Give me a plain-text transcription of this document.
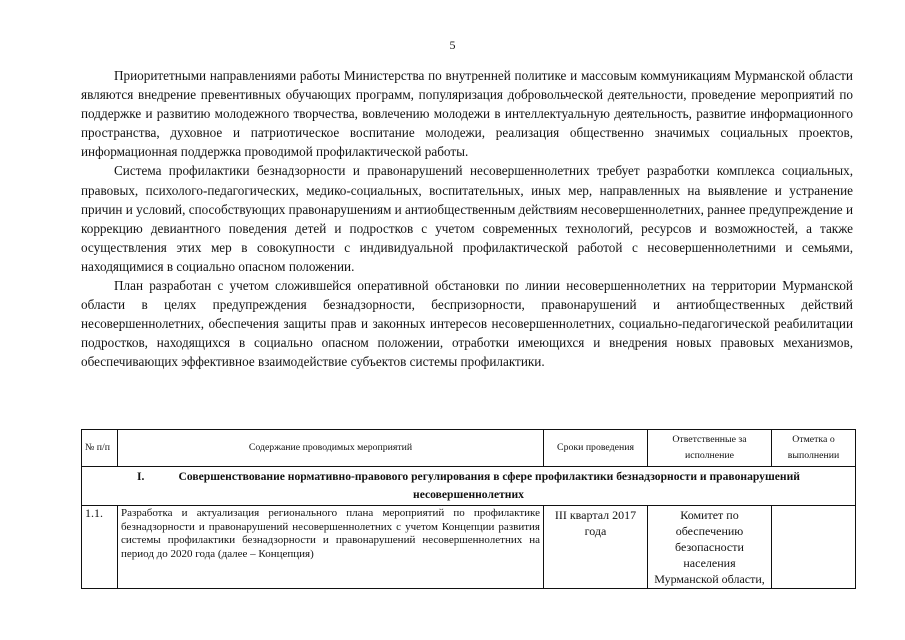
5

Приоритетными направлениями работы Министерства по внутренней политике и массовым коммуникациям Мурманской области являются внедрение превентивных обучающих программ, популяризация добровольческой деятельности, проведение мероприятий по поддержке и развитию молодежного творчества, вовлечению молодежи в интеллектуальную деятельность, развитие информационного пространства, духовное и патриотическое воспитание молодежи, реализация общественно значимых социальных проектов, информационная поддержка проводимой профилактической работы.

Система профилактики безнадзорности и правонарушений несовершеннолетних требует разработки комплекса социальных, правовых, психолого-педагогических, медико-социальных, воспитательных, иных мер, направленных на выявление и устранение причин и условий, способствующих правонарушениям и антиобщественным действиям несовершеннолетних, раннее предупреждение и коррекцию девиантного поведения детей и подростков с учетом современных технологий, ресурсов и возможностей, а также осуществления этих мер в совокупности с индивидуальной профилактической работой с несовершеннолетними и семьями, находящимися в социально опасном положении.

План разработан с учетом сложившейся оперативной обстановки по линии несовершеннолетних на территории Мурманской области в целях предупреждения безнадзорности, беспризорности, правонарушений и антиобщественных действий несовершеннолетних, обеспечения защиты прав и законных интересов несовершеннолетних, социально-педагогической реабилитации подростков, находящихся в социально опасном положении, отработки имеющихся и внедрения новых правовых механизмов, обеспечивающих эффективное взаимодействие субъектов системы профилактики.

№ п/п	Содержание проводимых мероприятий	Сроки проведения	Ответственные за исполнение	Отметка о выполнении
I. Совершенствование нормативно-правового регулирования в сфере профилактики безнадзорности и правонарушений несовершеннолетних				
1.1.	Разработка и актуализация регионального плана мероприятий по профилактике безнадзорности и правонарушений несовершеннолетних с учетом Концепции развития системы профилактики безнадзорности и правонарушений несовершеннолетних на период до 2020 года (далее – Концепция)	III квартал 2017 года	Комитет по обеспечению безопасности населения Мурманской области,	
